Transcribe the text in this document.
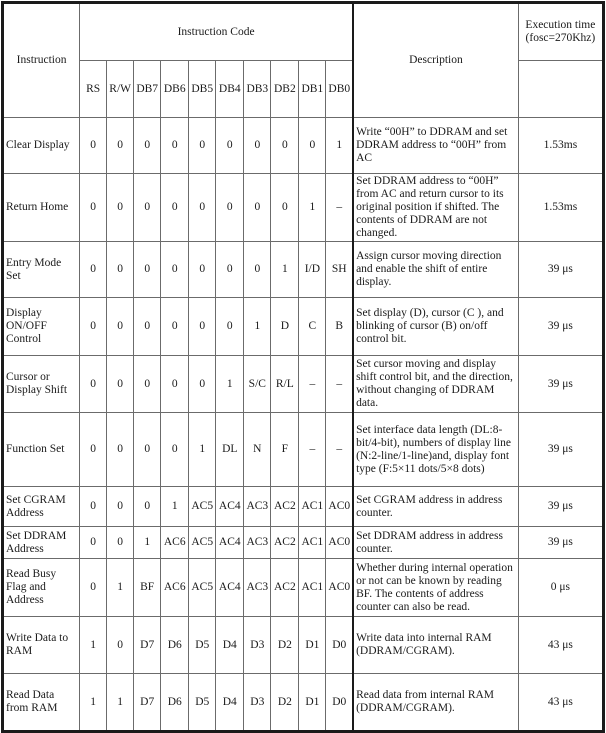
Instruction	Instruction Code										Description	Execution time
(fosc=270Khz)
	RS	R/W	DB7	DB6	DB5	DB4	DB3	DB2	DB1	DB0		
Clear Display	0	0	0	0	0	0	0	0	0	1	Write “00H” to DDRAM and set DDRAM address to “00H” from AC	1.53ms
Return Home	0	0	0	0	0	0	0	0	1	–	Set DDRAM address to “00H” from AC and return cursor to its original position if shifted. The contents of DDRAM are not changed.	1.53ms
Entry Mode Set	0	0	0	0	0	0	0	1	I/D	SH	Assign cursor moving direction and enable the shift of entire display.	39 μs
Display ON/OFF Control	0	0	0	0	0	0	1	D	C	B	Set display (D), cursor (C ), and blinking of cursor (B) on/off control bit.	39 μs
Cursor or Display Shift	0	0	0	0	0	1	S/C	R/L	–	–	Set cursor moving and display shift control bit, and the direction, without changing of DDRAM data.	39 μs
Function Set	0	0	0	0	1	DL	N	F	–	–	Set interface data length (DL:8-bit/4-bit), numbers of display line (N:2-line/1-line)and, display font type (F:5×11 dots/5×8 dots)	39 μs
Set CGRAM Address	0	0	0	1	AC5	AC4	AC3	AC2	AC1	AC0	Set CGRAM address in address counter.	39 μs
Set DDRAM Address	0	0	1	AC6	AC5	AC4	AC3	AC2	AC1	AC0	Set DDRAM address in address counter.	39 μs
Read Busy Flag and Address	0	1	BF	AC6	AC5	AC4	AC3	AC2	AC1	AC0	Whether during internal operation or not can be known by reading BF. The contents of address counter can also be read.	0 μs
Write Data to RAM	1	0	D7	D6	D5	D4	D3	D2	D1	D0	Write data into internal RAM (DDRAM/CGRAM).	43 μs
Read Data from RAM	1	1	D7	D6	D5	D4	D3	D2	D1	D0	Read data from internal RAM (DDRAM/CGRAM).	43 μs
